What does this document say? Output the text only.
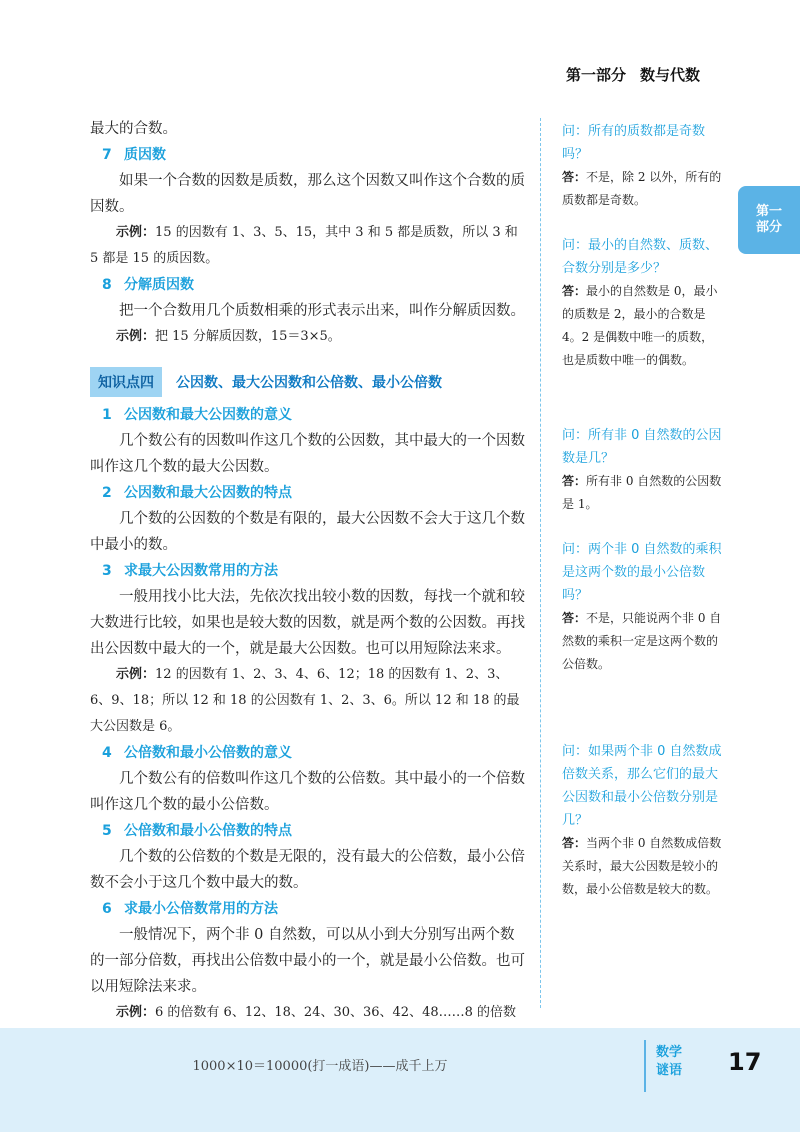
第一部分 数与代数
第一
部分

最大的合数。

7 质因数

如果一个合数的因数是质数，那么这个因数又叫作这个合数的质因数。

示例：15 的因数有 1、3、5、15，其中 3 和 5 都是质数，所以 3 和 5 都是 15 的质因数。

8 分解质因数

把一个合数用几个质数相乘的形式表示出来，叫作分解质因数。

示例：把 15 分解质因数，15＝3×5。

知识点四	公因数、最大公因数和公倍数、最小公倍数

1 公因数和最大公因数的意义

几个数公有的因数叫作这几个数的公因数，其中最大的一个因数叫作这几个数的最大公因数。

2 公因数和最大公因数的特点

几个数的公因数的个数是有限的，最大公因数不会大于这几个数中最小的数。

3 求最大公因数常用的方法

一般用找小比大法，先依次找出较小数的因数，每找一个就和较大数进行比较，如果也是较大数的因数，就是两个数的公因数。再找出公因数中最大的一个，就是最大公因数。也可以用短除法来求。

示例：12 的因数有 1、2、3、4、6、12；18 的因数有 1、2、3、6、9、18；所以 12 和 18 的公因数有 1、2、3、6。所以 12 和 18 的最大公因数是 6。

4 公倍数和最小公倍数的意义

几个数公有的倍数叫作这几个数的公倍数。其中最小的一个倍数叫作这几个数的最小公倍数。

5 公倍数和最小公倍数的特点

几个数的公倍数的个数是无限的，没有最大的公倍数，最小公倍数不会小于这几个数中最大的数。

6 求最小公倍数常用的方法

一般情况下，两个非 0 自然数，可以从小到大分别写出两个数的一部分倍数，再找出公倍数中最小的一个，就是最小公倍数。也可以用短除法来求。

示例：6 的倍数有 6、12、18、24、30、36、42、48……8 的倍数

问：所有的质数都是奇数吗？

答：不是，除 2 以外，所有的质数都是奇数。

问：最小的自然数、质数、合数分别是多少？

答：最小的自然数是 0，最小的质数是 2，最小的合数是 4。2 是偶数中唯一的质数，也是质数中唯一的偶数。

问：所有非 0 自然数的公因数是几？

答：所有非 0 自然数的公因数是 1。

问：两个非 0 自然数的乘积是这两个数的最小公倍数吗？

答：不是，只能说两个非 0 自然数的乘积一定是这两个数的公倍数。

问：如果两个非 0 自然数成倍数关系，那么它们的最大公因数和最小公倍数分别是几？

答：当两个非 0 自然数成倍数关系时，最大公因数是较小的数，最小公倍数是较大的数。

1000×10＝10000(打一成语)——成千上万
数学
谜语 17
